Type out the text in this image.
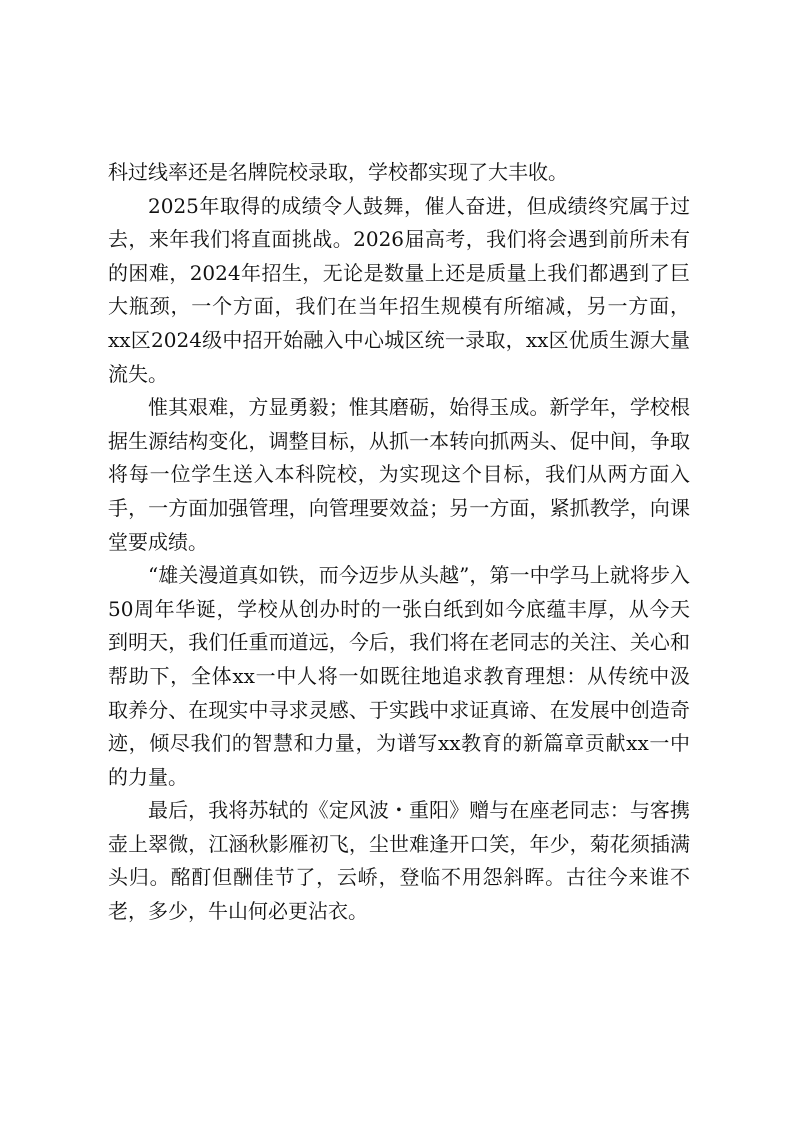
科过线率还是名牌院校录取，学校都实现了大丰收。

2025年取得的成绩令人鼓舞，催人奋进，但成绩终究属于过去，来年我们将直面挑战。2026届高考，我们将会遇到前所未有的困难，2024年招生，无论是数量上还是质量上我们都遇到了巨大瓶颈，一个方面，我们在当年招生规模有所缩减，另一方面，xx区2024级中招开始融入中心城区统一录取，xx区优质生源大量流失。

惟其艰难，方显勇毅；惟其磨砺，始得玉成。新学年，学校根据生源结构变化，调整目标，从抓一本转向抓两头、促中间，争取将每一位学生送入本科院校，为实现这个目标，我们从两方面入手，一方面加强管理，向管理要效益；另一方面，紧抓教学，向课堂要成绩。

“雄关漫道真如铁，而今迈步从头越”，第一中学马上就将步入50周年华诞，学校从创办时的一张白纸到如今底蕴丰厚，从今天到明天，我们任重而道远，今后，我们将在老同志的关注、关心和帮助下，全体xx一中人将一如既往地追求教育理想：从传统中汲取养分、在现实中寻求灵感、于实践中求证真谛、在发展中创造奇迹，倾尽我们的智慧和力量，为谱写xx教育的新篇章贡献xx一中的力量。

最后，我将苏轼的《定风波・重阳》赠与在座老同志：与客携壶上翠微，江涵秋影雁初飞，尘世难逢开口笑，年少，菊花须插满头归。酩酊但酬佳节了，云峤，登临不用怨斜晖。古往今来谁不老，多少，牛山何必更沾衣。
